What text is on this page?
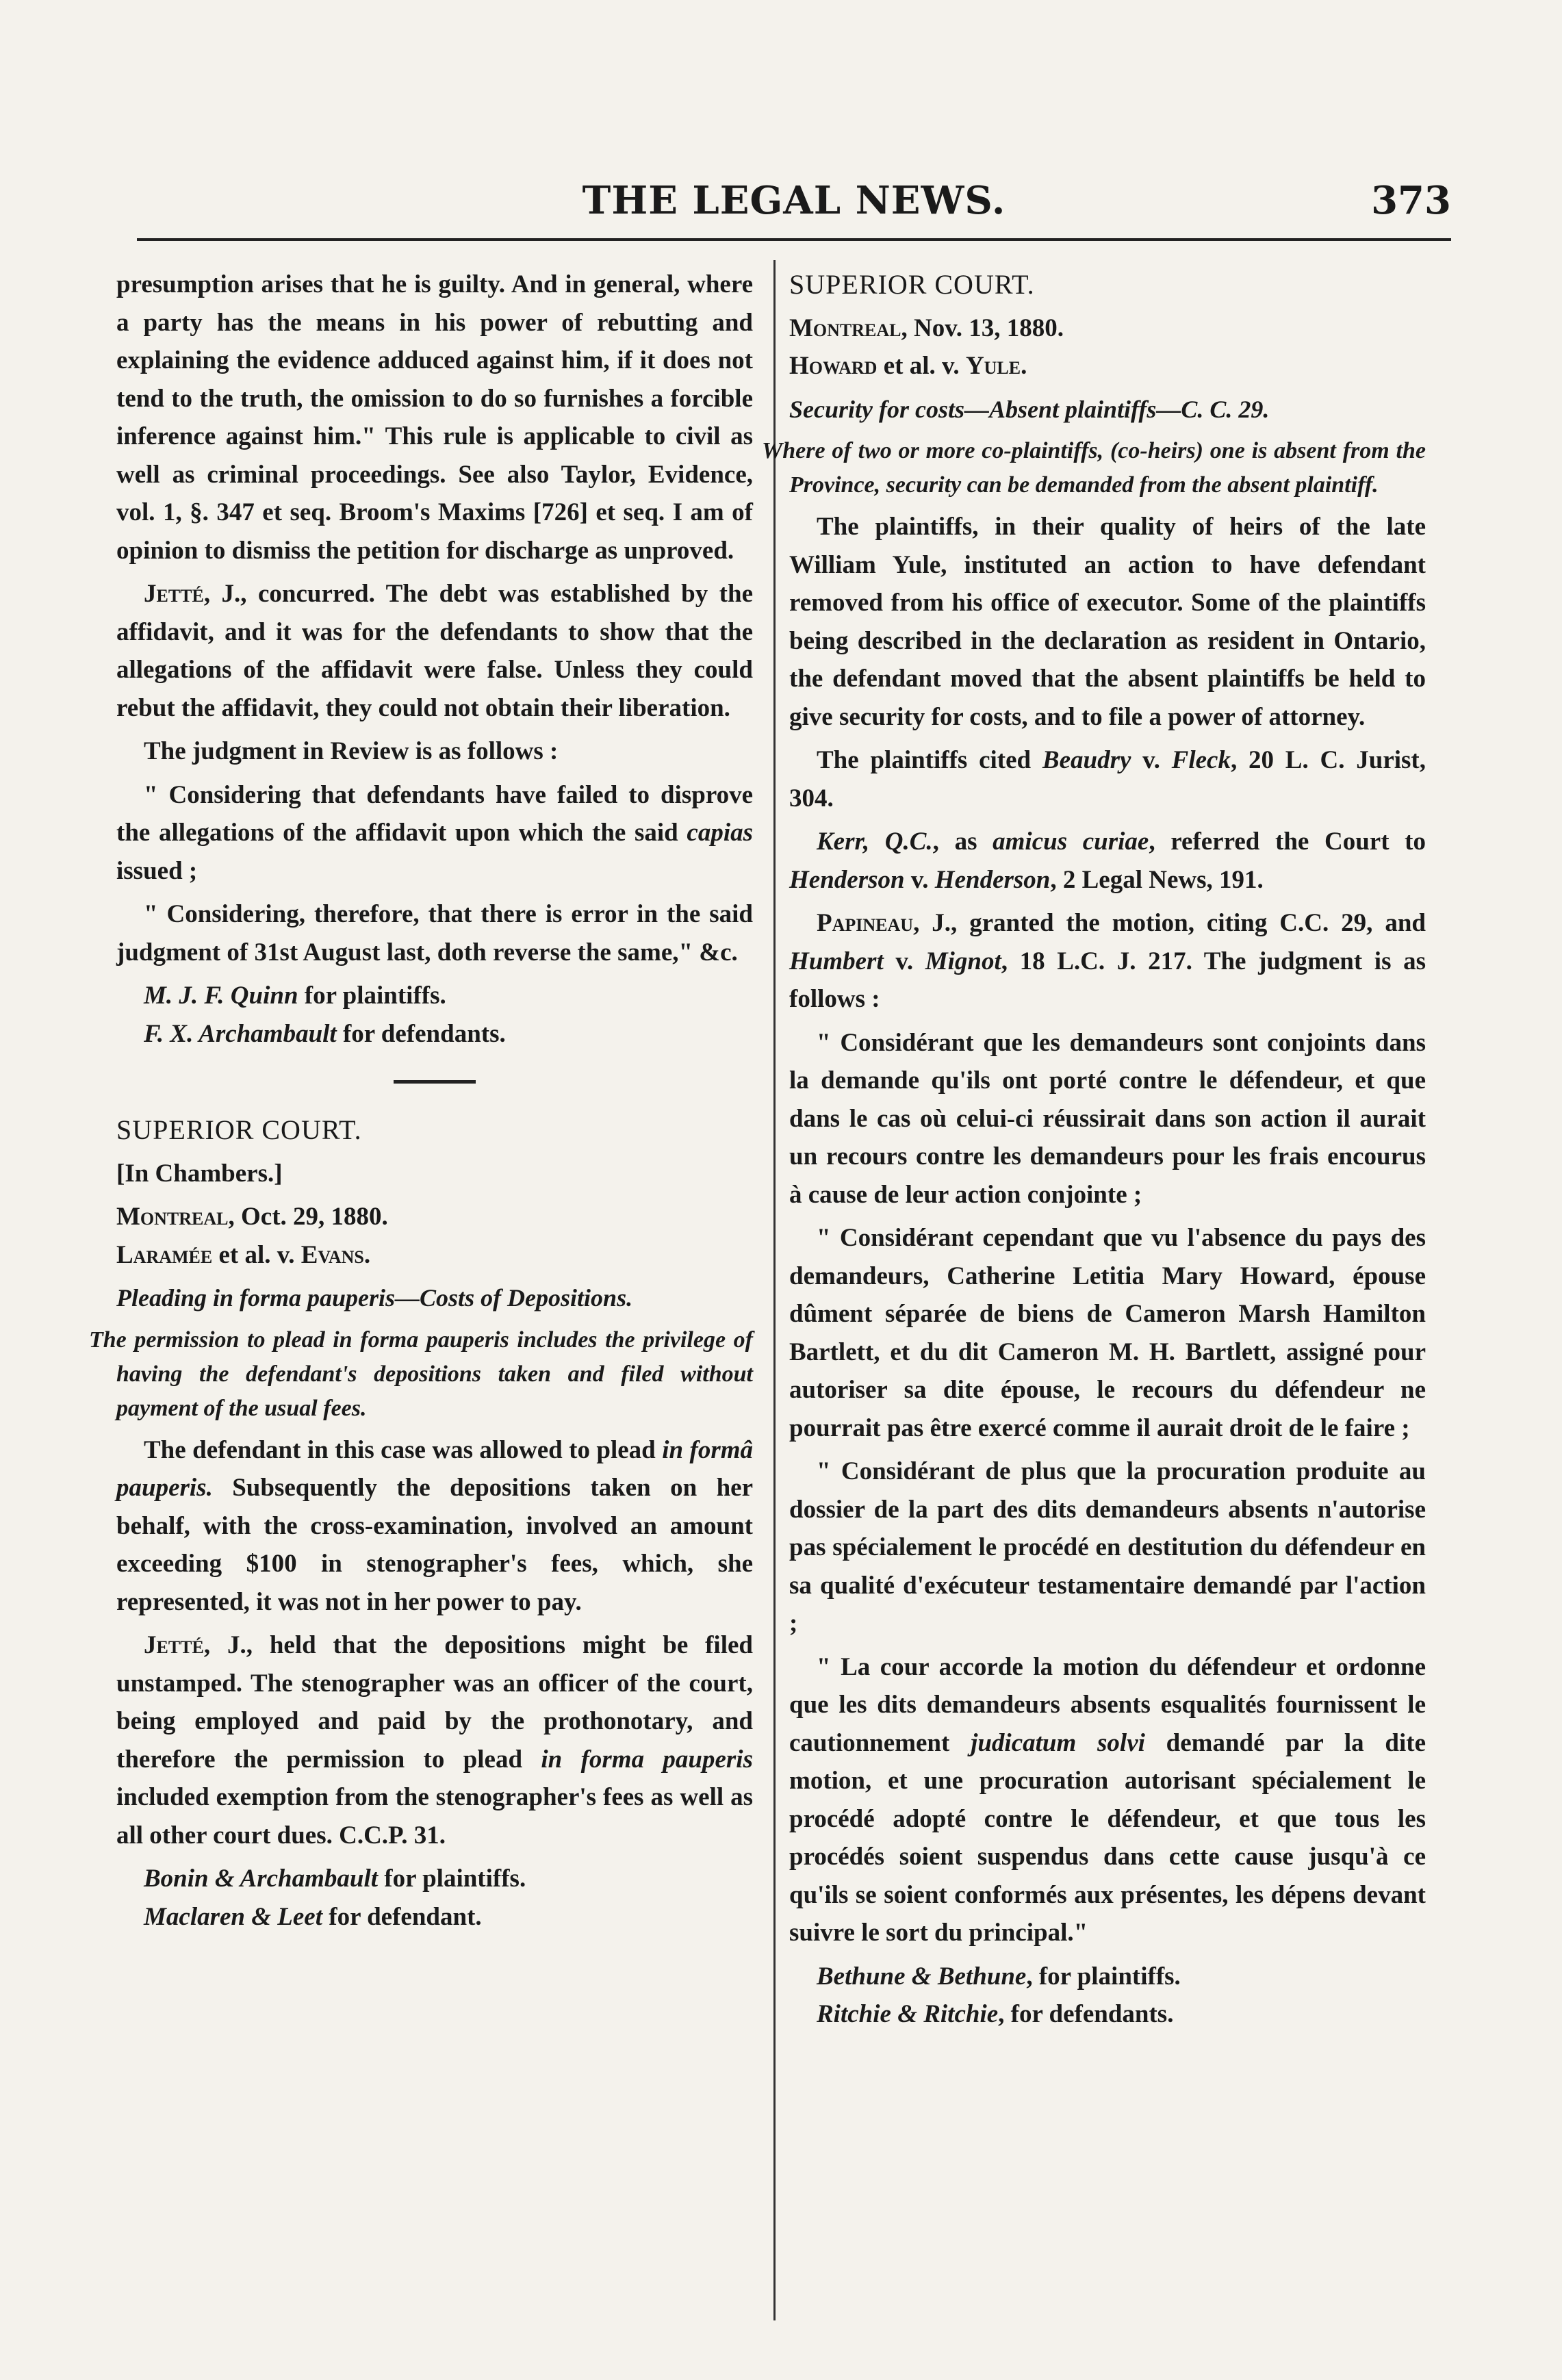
THE LEGAL NEWS.	373

presumption arises that he is guilty. And in general, where a party has the means in his power of rebutting and explaining the evidence adduced against him, if it does not tend to the truth, the omission to do so furnishes a forcible inference against him." This rule is applicable to civil as well as criminal proceedings. See also Taylor, Evidence, vol. 1, §. 347 et seq. Broom's Maxims [726] et seq. I am of opinion to dismiss the petition for discharge as unproved.

Jetté, J., concurred. The debt was established by the affidavit, and it was for the defendants to show that the allegations of the affidavit were false. Unless they could rebut the affidavit, they could not obtain their liberation.

The judgment in Review is as follows :

" Considering that defendants have failed to disprove the allegations of the affidavit upon which the said capias issued ;

" Considering, therefore, that there is error in the said judgment of 31st August last, doth reverse the same," &c.

M. J. F. Quinn for plaintiffs.

F. X. Archambault for defendants.

SUPERIOR COURT.

[In Chambers.]

Montreal, Oct. 29, 1880.

Laramée et al. v. Evans.

Pleading in forma pauperis—Costs of Depositions.

The permission to plead in forma pauperis includes the privilege of having the defendant's depositions taken and filed without payment of the usual fees.

The defendant in this case was allowed to plead in formâ pauperis. Subsequently the depositions taken on her behalf, with the cross-examination, involved an amount exceeding $100 in stenographer's fees, which, she represented, it was not in her power to pay.

Jetté, J., held that the depositions might be filed unstamped. The stenographer was an officer of the court, being employed and paid by the prothonotary, and therefore the permission to plead in forma pauperis included exemption from the stenographer's fees as well as all other court dues. C.C.P. 31.

Bonin & Archambault for plaintiffs.

Maclaren & Leet for defendant.

SUPERIOR COURT.

Montreal, Nov. 13, 1880.

Howard et al. v. Yule.

Security for costs—Absent plaintiffs—C. C. 29.

Where of two or more co-plaintiffs, (co-heirs) one is absent from the Province, security can be demanded from the absent plaintiff.

The plaintiffs, in their quality of heirs of the late William Yule, instituted an action to have defendant removed from his office of executor. Some of the plaintiffs being described in the declaration as resident in Ontario, the defendant moved that the absent plaintiffs be held to give security for costs, and to file a power of attorney.

The plaintiffs cited Beaudry v. Fleck, 20 L. C. Jurist, 304.

Kerr, Q.C., as amicus curiae, referred the Court to Henderson v. Henderson, 2 Legal News, 191.

Papineau, J., granted the motion, citing C.C. 29, and Humbert v. Mignot, 18 L.C. J. 217. The judgment is as follows :

" Considérant que les demandeurs sont conjoints dans la demande qu'ils ont porté contre le défendeur, et que dans le cas où celui-ci réussirait dans son action il aurait un recours contre les demandeurs pour les frais encourus à cause de leur action conjointe ;

" Considérant cependant que vu l'absence du pays des demandeurs, Catherine Letitia Mary Howard, épouse dûment séparée de biens de Cameron Marsh Hamilton Bartlett, et du dit Cameron M. H. Bartlett, assigné pour autoriser sa dite épouse, le recours du défendeur ne pourrait pas être exercé comme il aurait droit de le faire ;

" Considérant de plus que la procuration produite au dossier de la part des dits demandeurs absents n'autorise pas spécialement le procédé en destitution du défendeur en sa qualité d'exécuteur testamentaire demandé par l'action ;

" La cour accorde la motion du défendeur et ordonne que les dits demandeurs absents esqualités fournissent le cautionnement judicatum solvi demandé par la dite motion, et une procuration autorisant spécialement le procédé adopté contre le défendeur, et que tous les procédés soient suspendus dans cette cause jusqu'à ce qu'ils se soient conformés aux présentes, les dépens devant suivre le sort du principal."

Bethune & Bethune, for plaintiffs.

Ritchie & Ritchie, for defendants.
